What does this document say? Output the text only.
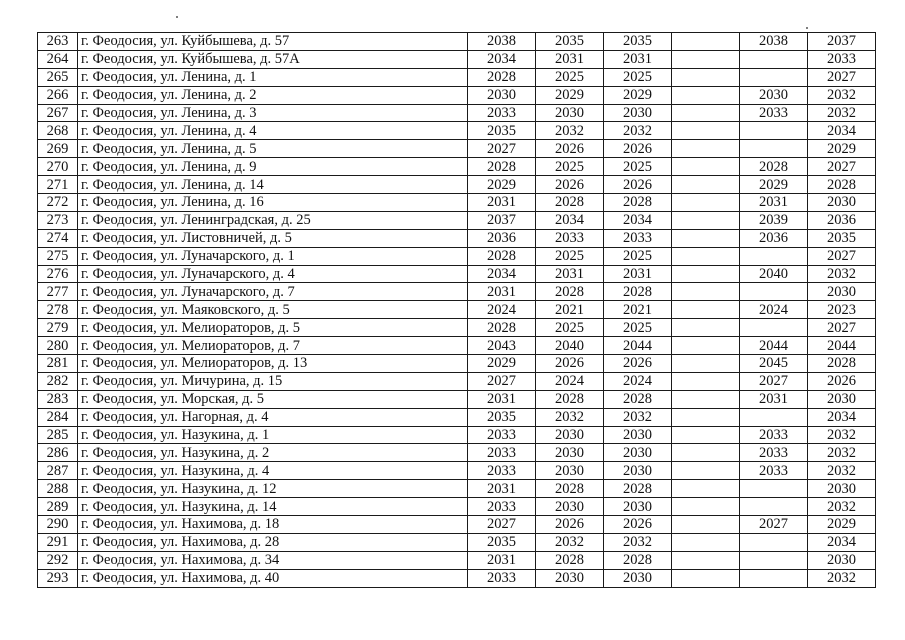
263	г. Феодосия, ул. Куйбышева, д. 57	2038	2035	2035		2038	2037
264	г. Феодосия, ул. Куйбышева, д. 57А	2034	2031	2031			2033
265	г. Феодосия, ул. Ленина, д. 1	2028	2025	2025			2027
266	г. Феодосия, ул. Ленина, д. 2	2030	2029	2029		2030	2032
267	г. Феодосия, ул. Ленина, д. 3	2033	2030	2030		2033	2032
268	г. Феодосия, ул. Ленина, д. 4	2035	2032	2032			2034
269	г. Феодосия, ул. Ленина, д. 5	2027	2026	2026			2029
270	г. Феодосия, ул. Ленина, д. 9	2028	2025	2025		2028	2027
271	г. Феодосия, ул. Ленина, д. 14	2029	2026	2026		2029	2028
272	г. Феодосия, ул. Ленина, д. 16	2031	2028	2028		2031	2030
273	г. Феодосия, ул. Ленинградская, д. 25	2037	2034	2034		2039	2036
274	г. Феодосия, ул. Листовничей, д. 5	2036	2033	2033		2036	2035
275	г. Феодосия, ул. Луначарского, д. 1	2028	2025	2025			2027
276	г. Феодосия, ул. Луначарского, д. 4	2034	2031	2031		2040	2032
277	г. Феодосия, ул. Луначарского, д. 7	2031	2028	2028			2030
278	г. Феодосия, ул. Маяковского, д. 5	2024	2021	2021		2024	2023
279	г. Феодосия, ул. Мелиораторов, д. 5	2028	2025	2025			2027
280	г. Феодосия, ул. Мелиораторов, д. 7	2043	2040	2044		2044	2044
281	г. Феодосия, ул. Мелиораторов, д. 13	2029	2026	2026		2045	2028
282	г. Феодосия, ул. Мичурина, д. 15	2027	2024	2024		2027	2026
283	г. Феодосия, ул. Морская, д. 5	2031	2028	2028		2031	2030
284	г. Феодосия, ул. Нагорная, д. 4	2035	2032	2032			2034
285	г. Феодосия, ул. Назукина, д. 1	2033	2030	2030		2033	2032
286	г. Феодосия, ул. Назукина, д. 2	2033	2030	2030		2033	2032
287	г. Феодосия, ул. Назукина, д. 4	2033	2030	2030		2033	2032
288	г. Феодосия, ул. Назукина, д. 12	2031	2028	2028			2030
289	г. Феодосия, ул. Назукина, д. 14	2033	2030	2030			2032
290	г. Феодосия, ул. Нахимова, д. 18	2027	2026	2026		2027	2029
291	г. Феодосия, ул. Нахимова, д. 28	2035	2032	2032			2034
292	г. Феодосия, ул. Нахимова, д. 34	2031	2028	2028			2030
293	г. Феодосия, ул. Нахимова, д. 40	2033	2030	2030			2032
